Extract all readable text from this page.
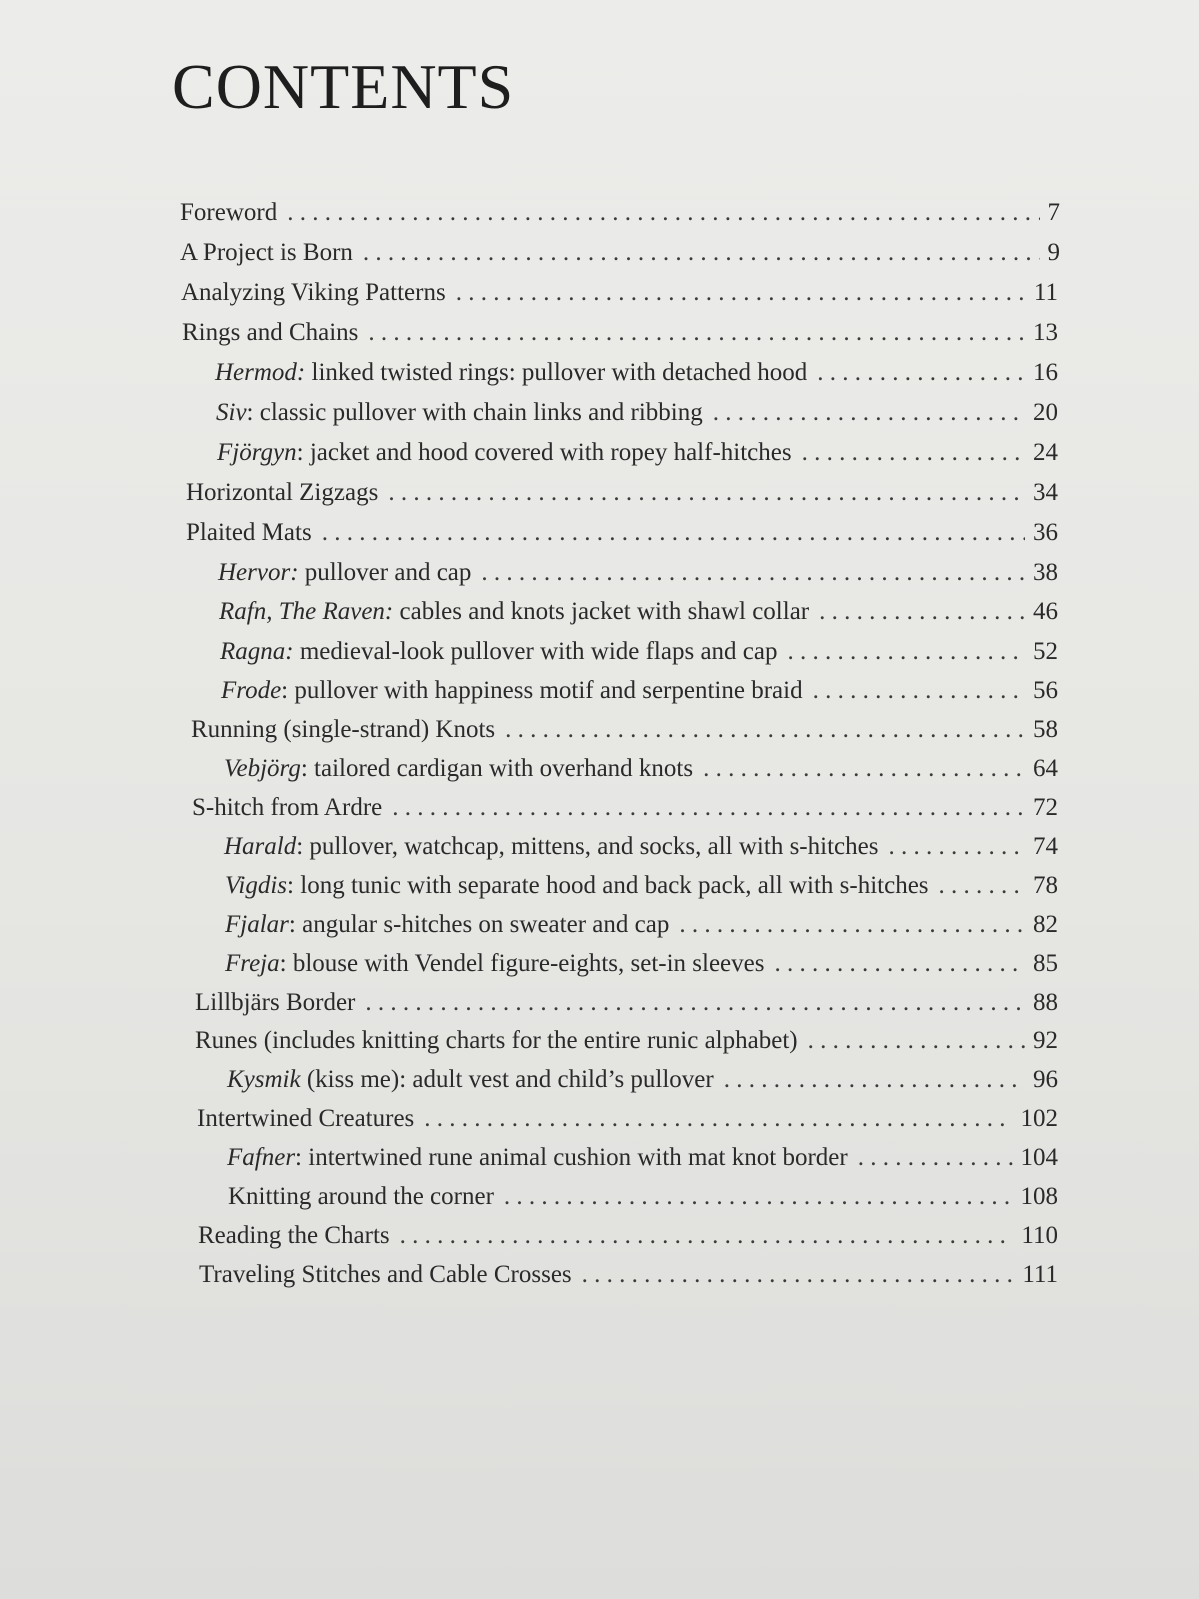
CONTENTS
Foreword . . .	7
A Project is Born . . .	9
Analyzing Viking Patterns . . .	11
Rings and Chains . . .	13
Hermod: linked twisted rings: pullover with detached hood . . .	16
Siv: classic pullover with chain links and ribbing . . .	20
Fjörgyn: jacket and hood covered with ropey half-hitches . . .	24
Horizontal Zigzags . . .	34
Plaited Mats . . .	36
Hervor: pullover and cap . . .	38
Rafn, The Raven: cables and knots jacket with shawl collar . . .	46
Ragna: medieval-look pullover with wide flaps and cap . . .	52
Frode: pullover with happiness motif and serpentine braid . . .	56
Running (single-strand) Knots . . .	58
Vebjörg: tailored cardigan with overhand knots . . .	64
S-hitch from Ardre . . .	72
Harald: pullover, watchcap, mittens, and socks, all with s-hitches . . .	74
Vigdis: long tunic with separate hood and back pack, all with s-hitches . . .	78
Fjalar: angular s-hitches on sweater and cap . . .	82
Freja: blouse with Vendel figure-eights, set-in sleeves . . .	85
Lillbjärs Border . . .	88
Runes (includes knitting charts for the entire runic alphabet) . . .	92
Kysmik (kiss me): adult vest and child’s pullover . . .	96
Intertwined Creatures . . .	102
Fafner: intertwined rune animal cushion with mat knot border . . .	104
Knitting around the corner . . .	108
Reading the Charts . . .	110
Traveling Stitches and Cable Crosses . . .	111
